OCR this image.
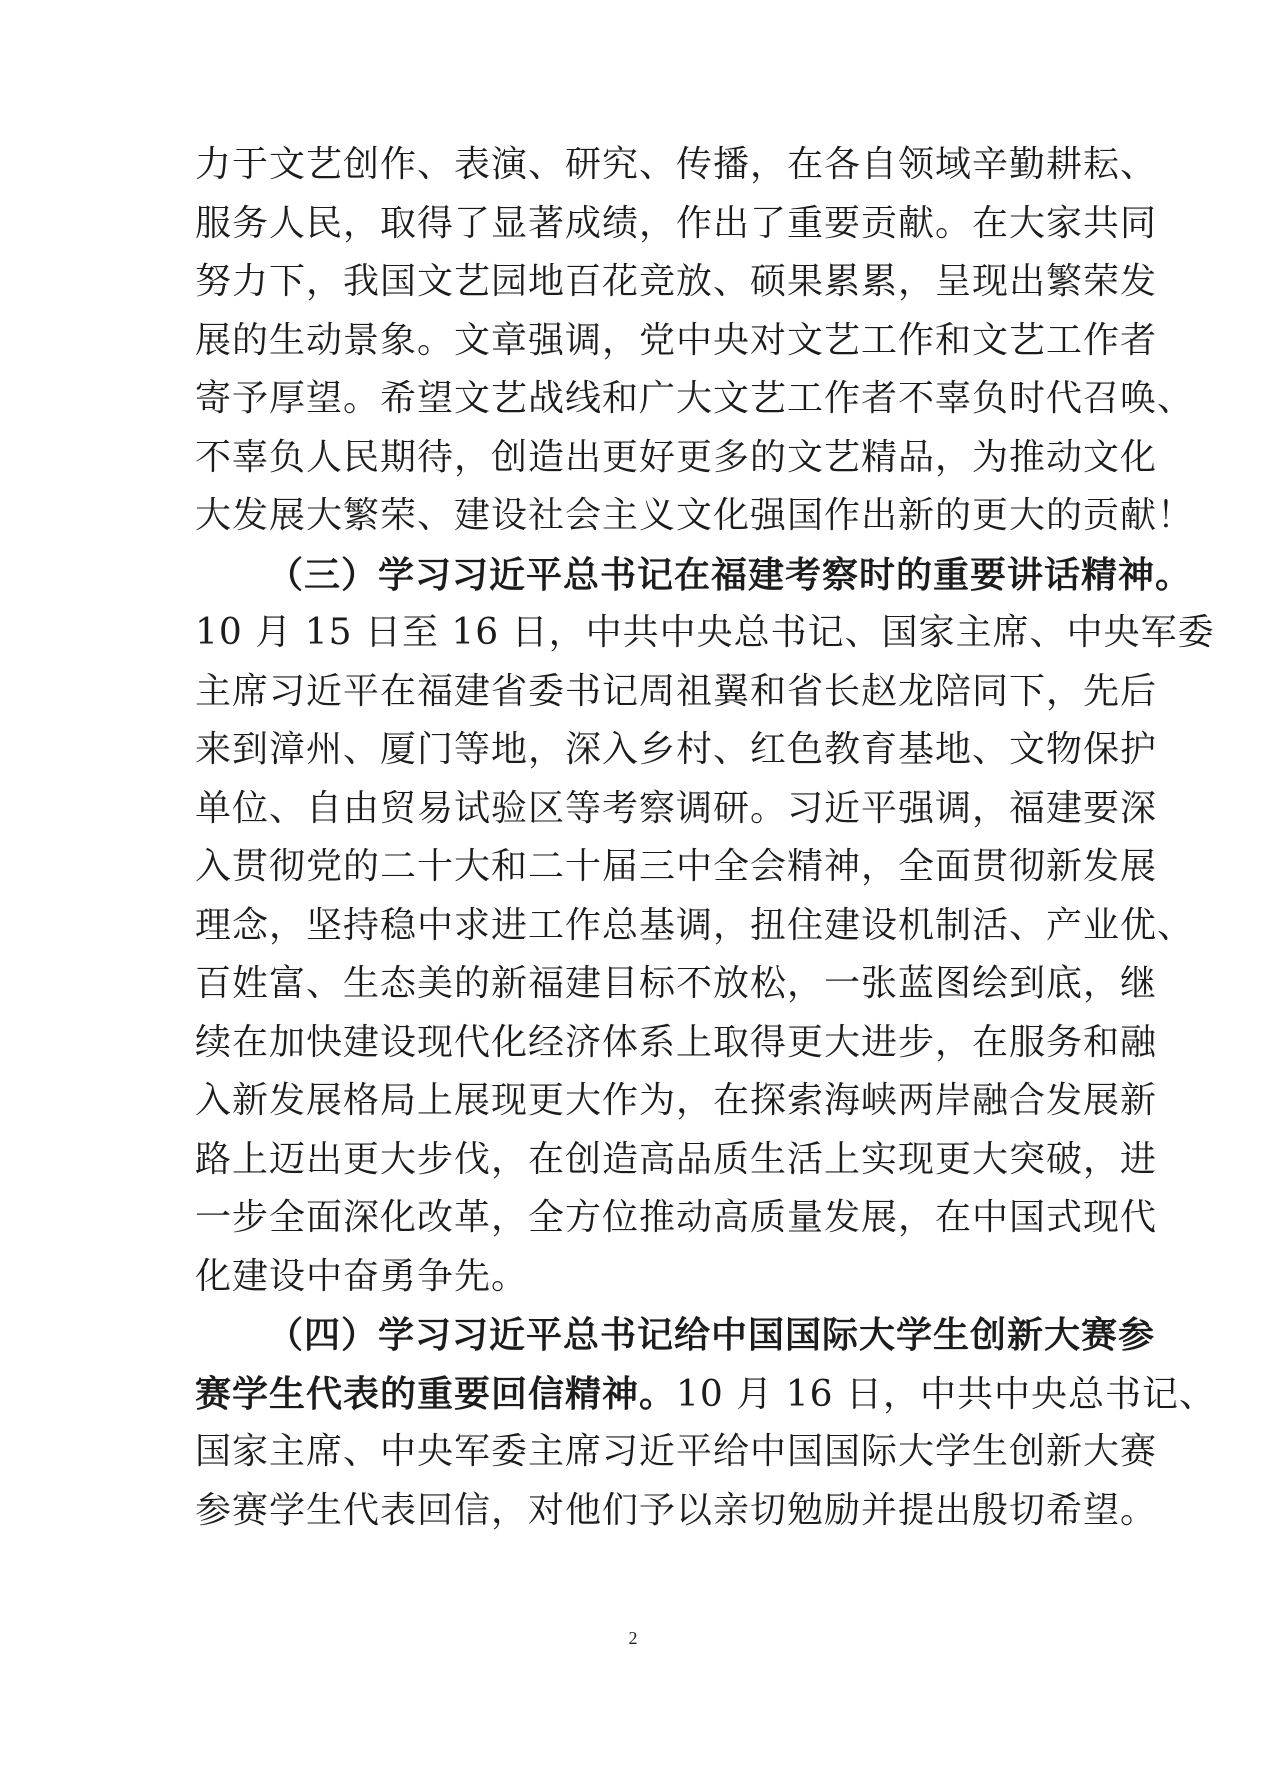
力于文艺创作、表演、研究、传播，在各自领域辛勤耕耘、
服务人民，取得了显著成绩，作出了重要贡献。在大家共同
努力下，我国文艺园地百花竞放、硕果累累，呈现出繁荣发
展的生动景象。文章强调，党中央对文艺工作和文艺工作者
寄予厚望。希望文艺战线和广大文艺工作者不辜负时代召唤、
不辜负人民期待，创造出更好更多的文艺精品，为推动文化
大发展大繁荣、建设社会主义文化强国作出新的更大的贡献！
（三）学习习近平总书记在福建考察时的重要讲话精神。
10 月 15 日至 16 日，中共中央总书记、国家主席、中央军委
主席习近平在福建省委书记周祖翼和省长赵龙陪同下，先后
来到漳州、厦门等地，深入乡村、红色教育基地、文物保护
单位、自由贸易试验区等考察调研。习近平强调，福建要深
入贯彻党的二十大和二十届三中全会精神，全面贯彻新发展
理念，坚持稳中求进工作总基调，扭住建设机制活、产业优、
百姓富、生态美的新福建目标不放松，一张蓝图绘到底，继
续在加快建设现代化经济体系上取得更大进步，在服务和融
入新发展格局上展现更大作为，在探索海峡两岸融合发展新
路上迈出更大步伐，在创造高品质生活上实现更大突破，进
一步全面深化改革，全方位推动高质量发展，在中国式现代
化建设中奋勇争先。
（四）学习习近平总书记给中国国际大学生创新大赛参
赛学生代表的重要回信精神。10 月 16 日，中共中央总书记、
国家主席、中央军委主席习近平给中国国际大学生创新大赛
参赛学生代表回信，对他们予以亲切勉励并提出殷切希望。
2
